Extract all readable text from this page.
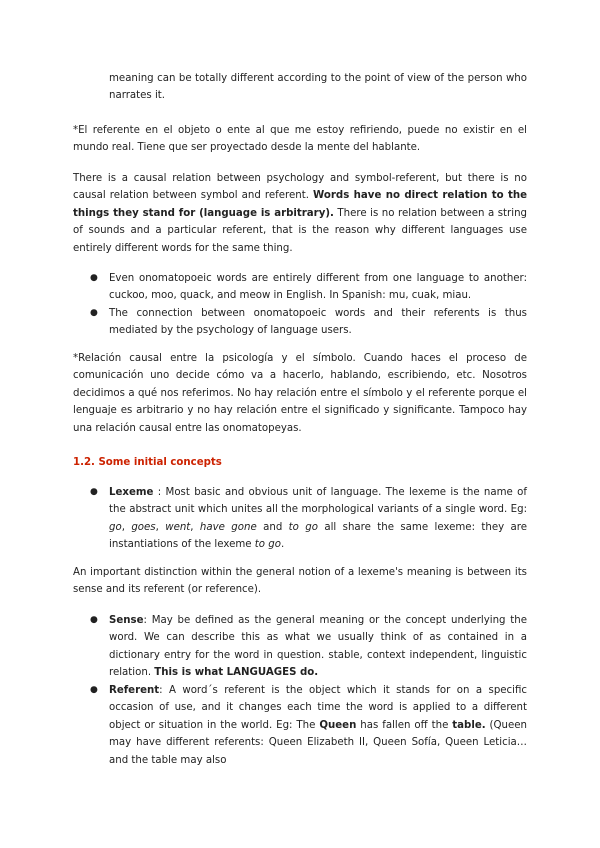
meaning can be totally different according to the point of view of the person who narrates it.
*El referente en el objeto o ente al que me estoy refiriendo, puede no existir en el mundo real. Tiene que ser proyectado desde la mente del hablante.
There is a causal relation between psychology and symbol-referent, but there is no causal relation between symbol and referent. Words have no direct relation to the things they stand for (language is arbitrary). There is no relation between a string of sounds and a particular referent, that is the reason why different languages use entirely different words for the same thing.
● Even onomatopoeic words are entirely different from one language to another: cuckoo, moo, quack, and meow in English. In Spanish: mu, cuak, miau.
● The connection between onomatopoeic words and their referents is thus mediated by the psychology of language users.
*Relación causal entre la psicología y el símbolo. Cuando haces el proceso de comunicación uno decide cómo va a hacerlo, hablando, escribiendo, etc. Nosotros decidimos a qué nos referimos. No hay relación entre el símbolo y el referente porque el lenguaje es arbitrario y no hay relación entre el significado y significante. Tampoco hay una relación causal entre las onomatopeyas.
1.2. Some initial concepts
● Lexeme : Most basic and obvious unit of language. The lexeme is the name of the abstract unit which unites all the morphological variants of a single word. Eg: go, goes, went, have gone and to go all share the same lexeme: they are instantiations of the lexeme to go.
An important distinction within the general notion of a lexeme's meaning is between its sense and its referent (or reference).
● Sense: May be defined as the general meaning or the concept underlying the word. We can describe this as what we usually think of as contained in a dictionary entry for the word in question. stable, context independent, linguistic relation. This is what LANGUAGES do.
● Referent: A word´s referent is the object which it stands for on a specific occasion of use, and it changes each time the word is applied to a different object or situation in the world. Eg: The Queen has fallen off the table. (Queen may have different referents: Queen Elizabeth II, Queen Sofía, Queen Leticia… and the table may also
